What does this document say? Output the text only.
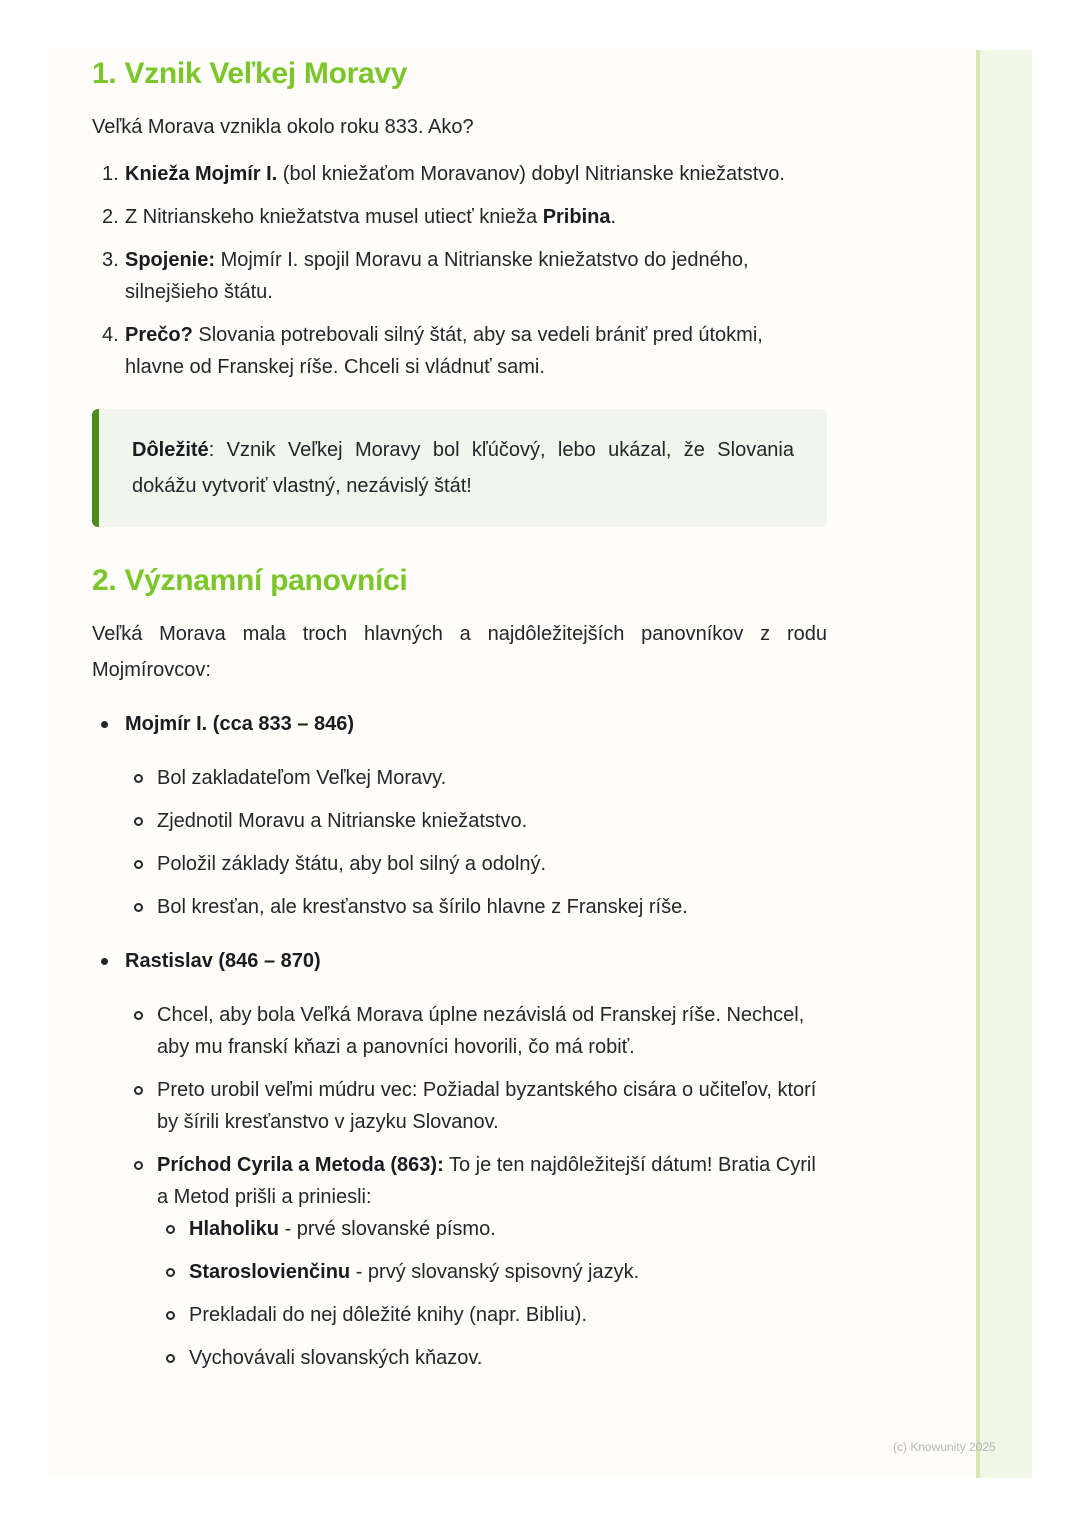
1. Vznik Veľkej Moravy

Veľká Morava vznikla okolo roku 833. Ako?

1. Knieža Mojmír I. (bol kniežaťom Moravanov) dobyl Nitrianske kniežatstvo.
2. Z Nitrianskeho kniežatstva musel utiecť knieža Pribina.
3. Spojenie: Mojmír I. spojil Moravu a Nitrianske kniežatstvo do jedného, silnejšieho štátu.
4. Prečo? Slovania potrebovali silný štát, aby sa vedeli brániť pred útokmi, hlavne od Franskej ríše. Chceli si vládnuť sami.
Dôležité: Vznik Veľkej Moravy bol kľúčový, lebo ukázal, že Slovania dokážu vytvoriť vlastný, nezávislý štát!
2. Významní panovníci

Veľká Morava mala troch hlavných a najdôležitejších panovníkov z rodu Mojmírovcov:

Mojmír I. (cca 833 – 846)
Bol zakladateľom Veľkej Moravy.
Zjednotil Moravu a Nitrianske kniežatstvo.
Položil základy štátu, aby bol silný a odolný.
Bol kresťan, ale kresťanstvo sa šírilo hlavne z Franskej ríše.
Rastislav (846 – 870)
Chcel, aby bola Veľká Morava úplne nezávislá od Franskej ríše. Nechcel, aby mu franskí kňazi a panovníci hovorili, čo má robiť.
Preto urobil veľmi múdru vec: Požiadal byzantského cisára o učiteľov, ktorí by šírili kresťanstvo v jazyku Slovanov.
Príchod Cyrila a Metoda (863): To je ten najdôležitejší dátum! Bratia Cyril a Metod prišli a priniesli:
Hlaholiku - prvé slovanské písmo.
Staroslovienčinu - prvý slovanský spisovný jazyk.
Prekladali do nej dôležité knihy (napr. Bibliu).
Vychovávali slovanských kňazov.
(c) Knowunity 2025
